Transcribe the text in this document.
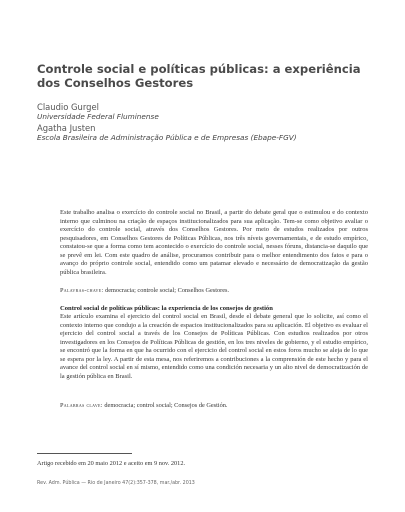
Controle social e políticas públicas: a experiência dos Conselhos Gestores
Claudio Gurgel
Universidade Federal Fluminense
Agatha Justen
Escola Brasileira de Administração Pública e de Empresas (Ebape-FGV)
Este trabalho analisa o exercício do controle social no Brasil, a partir do debate geral que o estimulou e do contexto interno que culminou na criação de espaços institucionalizados para sua aplicação. Tem-se como objetivo avaliar o exercício do controle social, através dos Conselhos Gestores. Por meio de estudos realizados por outros pesquisadores, em Conselhos Gestores de Políticas Públicas, nos três níveis governamentais, e de estudo empírico, constatou-se que a forma como tem acontecido o exercício do controle social, nesses fóruns, distancia-se daquilo que se prevê em lei. Com este quadro de análise, procuramos contribuir para o melhor entendimento dos fatos e para o avanço do próprio controle social, entendido como um patamar elevado e necessário de democratização da gestão pública brasileira.
Palavras-chave: democracia; controle social; Conselhos Gestores.
Control social de políticas públicas: la experiencia de los consejos de gestión
Este artículo examina el ejercicio del control social en Brasil, desde el debate general que lo solicite, así como el contexto interno que condujo a la creación de espacios institucionalizados para su aplicación. El objetivo es evaluar el ejercicio del control social a través de los Consejos de Políticas Públicas. Con estudios realizados por otros investigadores en los Consejos de Políticas Públicas de gestión, en los tres niveles de gobierno, y el estudio empírico, se encontró que la forma en que ha ocurrido con el ejercicio del control social en estos foros mucho se aleja de lo que se espera por la ley. A partir de esta mesa, nos referiremos a contribuciones a la comprensión de este hecho y para el avance del control social en sí mismo, entendido como una condición necesaria y un alto nivel de democratización de la gestión pública en Brasil.
Palabras clave: democracia; control social; Consejos de Gestión.
Artigo recebido em 20 maio 2012 e aceito em 9 nov. 2012.
Rev. Adm. Pública — Rio de Janeiro 47(2):357-378, mar./abr. 2013
